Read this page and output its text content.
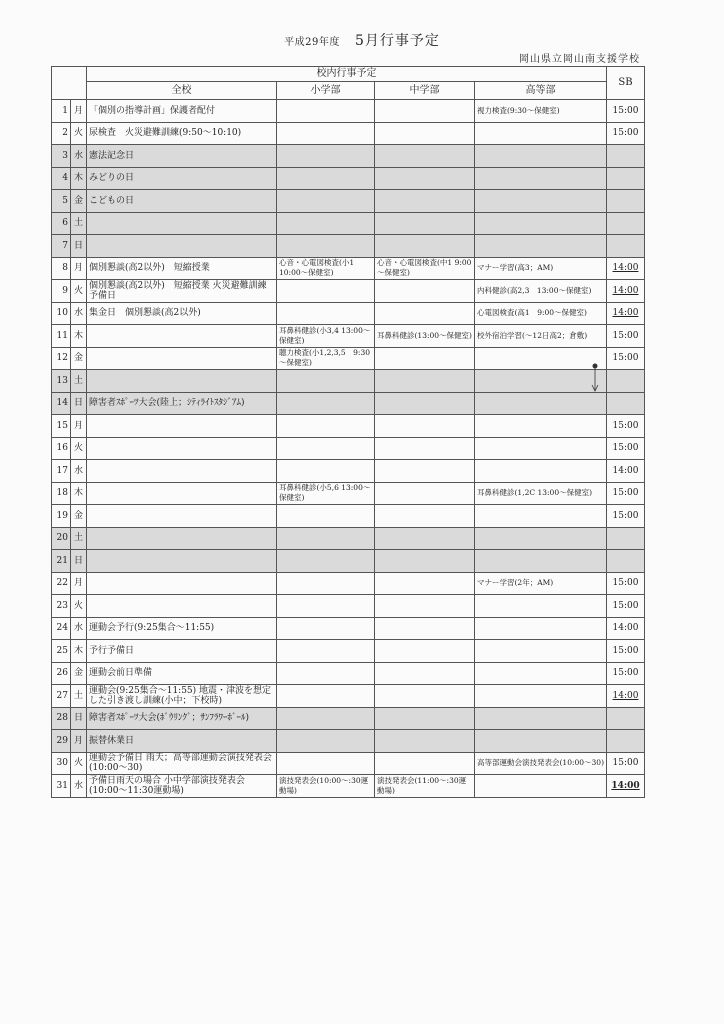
平成29年度 5月行事予定
岡山県立岡山南支援学校
		校内行事予定				SB
		全校	小学部	中学部	高等部	
1	月	「個別の指導計画」保護者配付			視力検査(9:30～保健室)	15:00
2	火	尿検査　火災避難訓練(9:50～10:10)				15:00
3	水	憲法記念日				
4	木	みどりの日				
5	金	こどもの日				
6	土					
7	日					
8	月	個別懇談(高2以外)　短縮授業	心音・心電図検査(小1 10:00～保健室)	心音・心電図検査(中1 9:00～保健室)	マナー学習(高3；AM)	14:00
9	火	個別懇談(高2以外)　短縮授業 火災避難訓練予備日			内科健診(高2,3　13:00～保健室)	14:00
10	水	集金日　個別懇談(高2以外)			心電図検査(高1　9:00～保健室)	14:00
11	木		耳鼻科健診(小3,4 13:00～保健室)	耳鼻科健診(13:00～保健室)	校外宿泊学習(～12日高2；倉敷)	15:00
12	金		聴力検査(小1,2,3,5　9:30～保健室)			15:00
13	土					
14	日	障害者ｽﾎﾟｰﾂ大会(陸上；ｼﾃｨﾗｲﾄｽﾀｼﾞｱﾑ)				
15	月					15:00
16	火					15:00
17	水					14:00
18	木		耳鼻科健診(小5,6 13:00～保健室)		耳鼻科健診(1,2C 13:00～保健室)	15:00
19	金					15:00
20	土					
21	日					
22	月				マナー学習(2年；AM)	15:00
23	火					15:00
24	水	運動会予行(9:25集合～11:55)				14:00
25	木	予行予備日				15:00
26	金	運動会前日準備				15:00
27	土	運動会(9:25集合～11:55) 地震・津波を想定した引き渡し訓練(小中；下校時)				14:00
28	日	障害者ｽﾎﾟｰﾂ大会(ﾎﾞｳﾘﾝｸﾞ；ｻﾝﾌﾗﾜｰﾎﾞｰﾙ)				
29	月	振替休業日				
30	火	運動会予備日 雨天；高等部運動会演技発表会(10:00～30)			高等部運動会演技発表会(10:00～30)	15:00
31	水	予備日雨天の場合 小中学部演技発表会(10:00～11:30運動場)	演技発表会(10:00～:30運動場)	演技発表会(11:00～:30運動場)		14:00
